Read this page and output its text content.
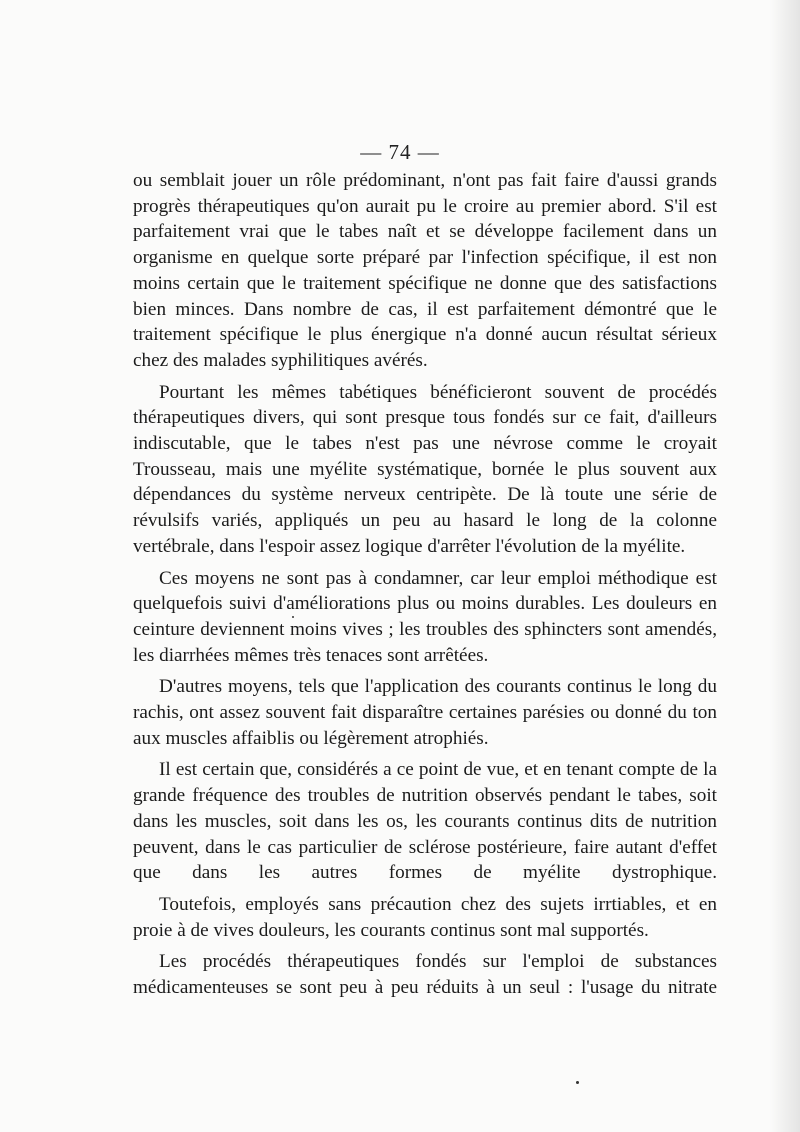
— 74 —

ou semblait jouer un rôle prédominant, n'ont pas fait faire d'aussi grands progrès thérapeutiques qu'on aurait pu le croire au premier abord. S'il est parfaitement vrai que le tabes naît et se développe facilement dans un organisme en quelque sorte préparé par l'infection spécifique, il est non moins certain que le traitement spécifique ne donne que des satisfactions bien minces. Dans nombre de cas, il est parfaitement démontré que le traitement spécifique le plus énergique n'a donné aucun résultat sérieux chez des malades syphilitiques avérés.

Pourtant les mêmes tabétiques bénéficieront souvent de procédés thérapeutiques divers, qui sont presque tous fondés sur ce fait, d'ailleurs indiscutable, que le tabes n'est pas une névrose comme le croyait Trousseau, mais une myélite systématique, bornée le plus souvent aux dépendances du système nerveux centripète. De là toute une série de révulsifs variés, appliqués un peu au hasard le long de la colonne vertébrale, dans l'espoir assez logique d'arrêter l'évolution de la myélite.

Ces moyens ne sont pas à condamner, car leur emploi méthodique est quelquefois suivi d'améliorations plus ou moins durables. Les douleurs en ceinture deviennent moins vives ; les troubles des sphincters sont amendés, les diarrhées mêmes très tenaces sont arrêtées.

D'autres moyens, tels que l'application des courants continus le long du rachis, ont assez souvent fait disparaître certaines parésies ou donné du ton aux muscles affaiblis ou légèrement atrophiés.

Il est certain que, considérés a ce point de vue, et en tenant compte de la grande fréquence des troubles de nutrition observés pendant le tabes, soit dans les muscles, soit dans les os, les courants continus dits de nutrition peuvent, dans le cas particulier de sclérose postérieure, faire autant d'effet que dans les autres formes de myélite dystrophique.

Toutefois, employés sans précaution chez des sujets irrtiables, et en proie à de vives douleurs, les courants continus sont mal supportés.

Les procédés thérapeutiques fondés sur l'emploi de substances médicamenteuses se sont peu à peu réduits à un seul : l'usage du nitrate
